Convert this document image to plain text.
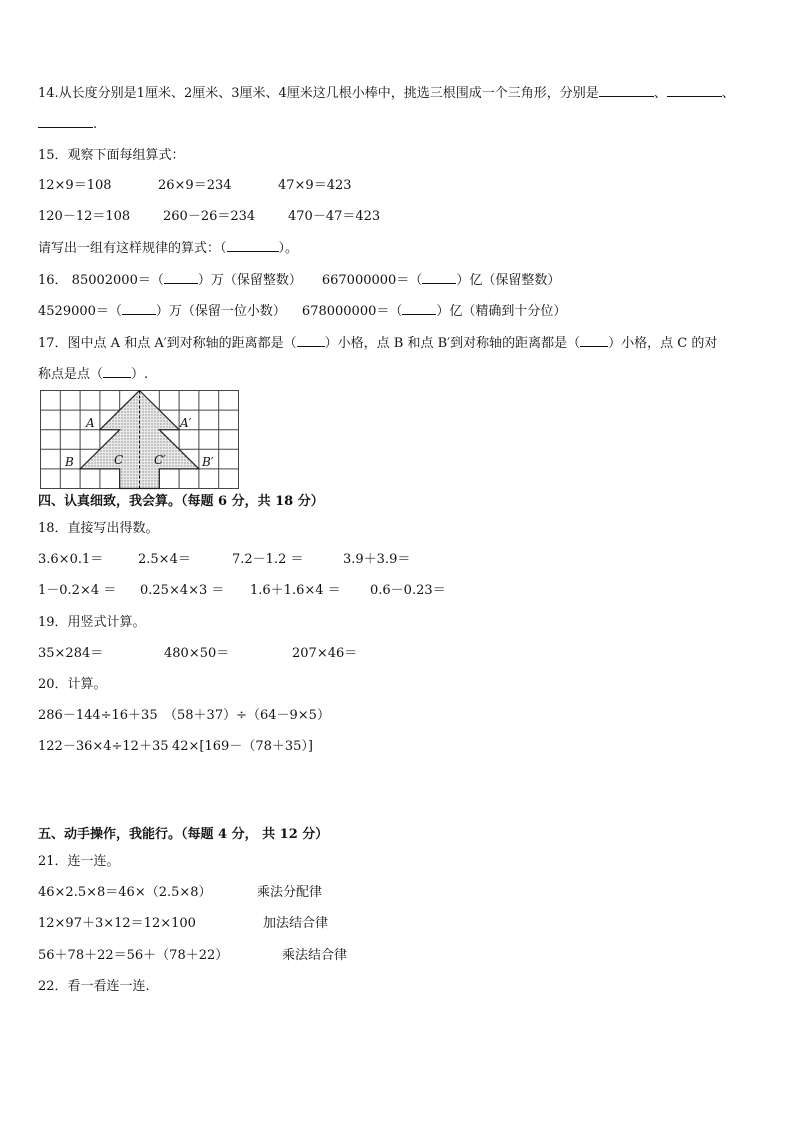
14.从长度分别是1厘米、2厘米、3厘米、4厘米这几根小棒中，挑选三根围成一个三角形，分别是	、	、
.
15．观察下面每组算式：
12×9＝108	26×9＝234	47×9＝423
120－12＝108	260－26＝234	470－47＝423
请写出一组有这样规律的算式：（	）。
16． 85002000＝（	）万（保留整数） 667000000＝（	）亿（保留整数）
4529000＝（	）万（保留一位小数） 678000000＝（	）亿（精确到十分位）
17．图中点 A 和点 A′到对称轴的距离都是（ ）小格，点 B 和点 B′到对称轴的距离都是（ ）小格，点 C 的对
称点是点（ ）.
A	A′
B	B′
C	C′
四、认真细致，我会算。（每题 6 分，共 18 分）
18．直接写出得数。
3.6×0.1＝	2.5×4＝	7.2－1.2 ＝	3.9＋3.9＝
1－0.2×4 ＝ 0.25×4×3 ＝ 1.6＋1.6×4 ＝ 0.6－0.23＝
19．用竖式计算。
35×284＝	480×50＝	207×46＝
20．计算。
286－144÷16＋35 （58＋37）÷（64－9×5）
122－36×4÷12＋35 42×[169－（78＋35）]
五、动手操作，我能行。（每题 4 分， 共 12 分）
21．连一连。
46×2.5×8＝46×（2.5×8）	乘法分配律
12×97＋3×12＝12×100	加法结合律
56＋78＋22＝56＋（78＋22）	乘法结合律
22．看一看连一连.
